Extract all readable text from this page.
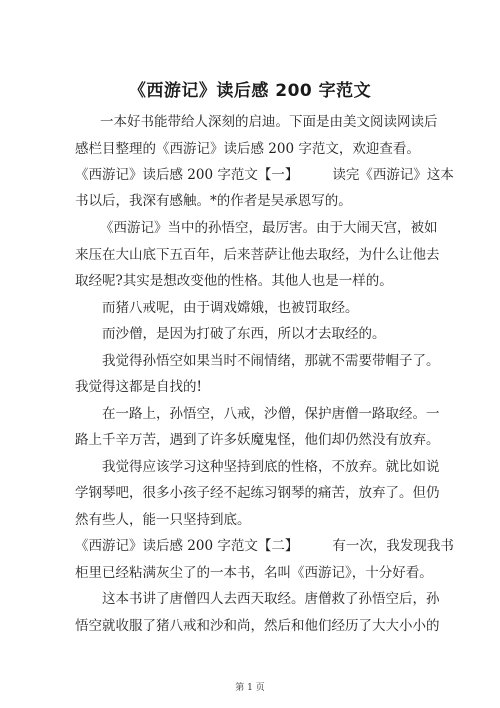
《西游记》读后感 200 字范文
一本好书能带给人深刻的启迪。下面是由美文阅读网读后
感栏目整理的《西游记》读后感 200 字范文，欢迎查看。
《西游记》读后感 200 字范文【一】	读完《西游记》这本
书以后，我深有感触。*的作者是吴承恩写的。
《西游记》当中的孙悟空，最厉害。由于大闹天宫，被如
来压在大山底下五百年，后来菩萨让他去取经，为什么让他去
取经呢?其实是想改变他的性格。其他人也是一样的。
而猪八戒呢，由于调戏嫦娥，也被罚取经。
而沙僧，是因为打破了东西，所以才去取经的。
我觉得孙悟空如果当时不闹情绪，那就不需要带帽子了。
我觉得这都是自找的!
在一路上，孙悟空，八戒，沙僧，保护唐僧一路取经。一
路上千辛万苦，遇到了许多妖魔鬼怪，他们却仍然没有放弃。
我觉得应该学习这种坚持到底的性格，不放弃。就比如说
学钢琴吧，很多小孩子经不起练习钢琴的痛苦，放弃了。但仍
然有些人，能一只坚持到底。
《西游记》读后感 200 字范文【二】	有一次，我发现我书
柜里已经粘满灰尘了的一本书，名叫《西游记》，十分好看。
这本书讲了唐僧四人去西天取经。唐僧救了孙悟空后，孙
悟空就收服了猪八戒和沙和尚，然后和他们经历了大大小小的
第 1 页
